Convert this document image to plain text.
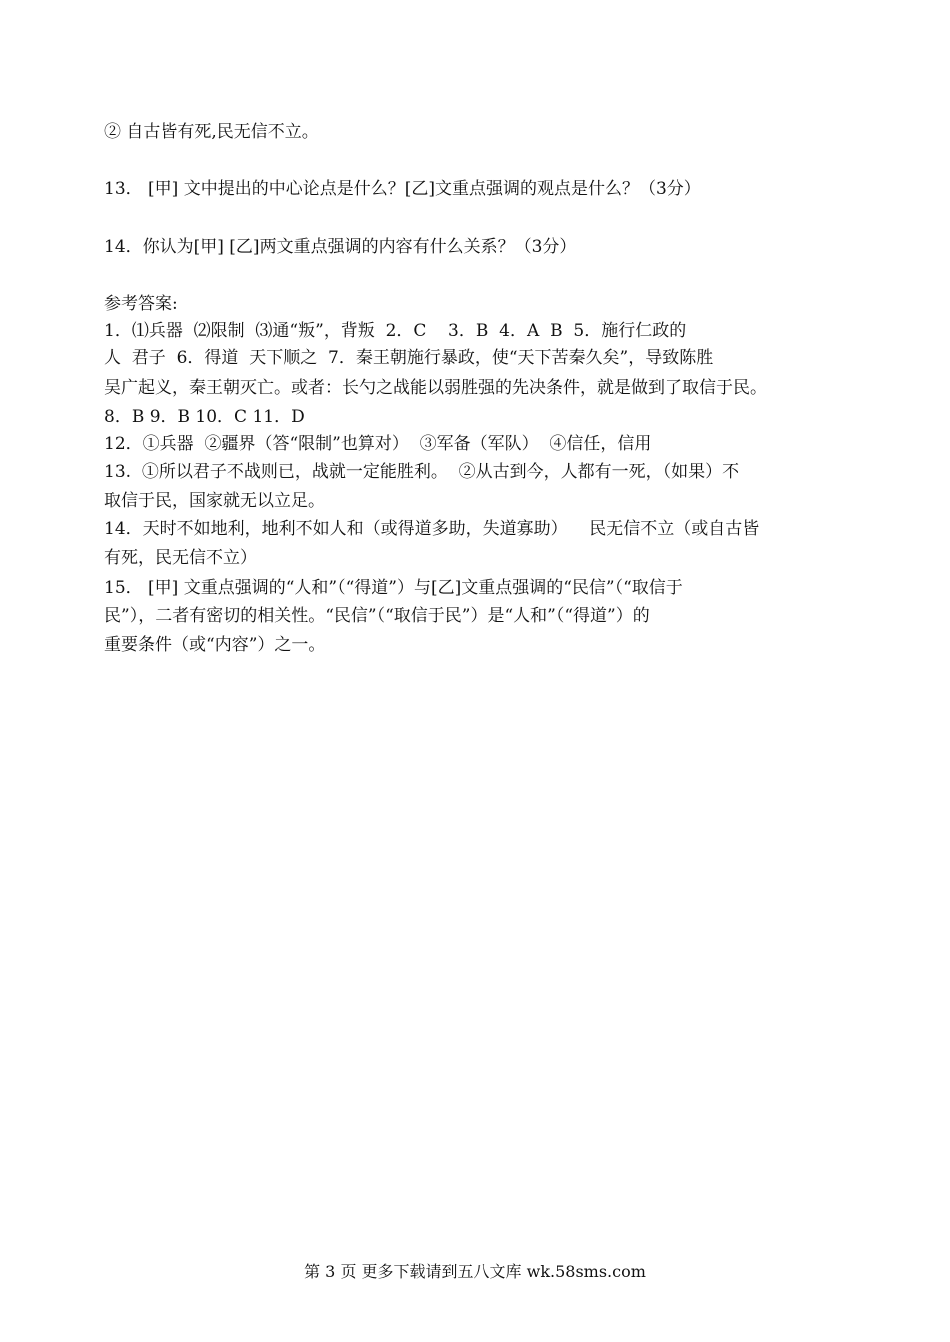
② 自古皆有死,民无信不立。
13． [甲] 文中提出的中心论点是什么？[乙]文重点强调的观点是什么？（3分）
14．你认为[甲] [乙]两文重点强调的内容有什么关系？（3分）
参考答案:
1．⑴兵器  ⑵限制  ⑶通“叛”，背叛  2．C    3．B  4．A  B  5．施行仁政的
人  君子  6．得道  天下顺之  7．秦王朝施行暴政，使“天下苦秦久矣”，导致陈胜
吴广起义，秦王朝灭亡。或者：长勺之战能以弱胜强的先决条件，就是做到了取信于民。
8．B 9．B 10．C 11．D
12．①兵器  ②疆界（答“限制”也算对）  ③军备（军队）  ④信任，信用
13.  ①所以君子不战则已，战就一定能胜利。  ②从古到今，人都有一死，（如果）不
取信于民，国家就无以立足。
14．天时不如地利，地利不如人和（或得道多助，失道寡助）    民无信不立（或自古皆
有死，民无信不立）
15． [甲] 文重点强调的“人和”（“得道”）与[乙]文重点强调的“民信”（“取信于
民”），二者有密切的相关性。“民信”（“取信于民”）是“人和”（“得道”）的
重要条件（或“内容”）之一。
第 3 页 更多下载请到五八文库 wk.58sms.com
